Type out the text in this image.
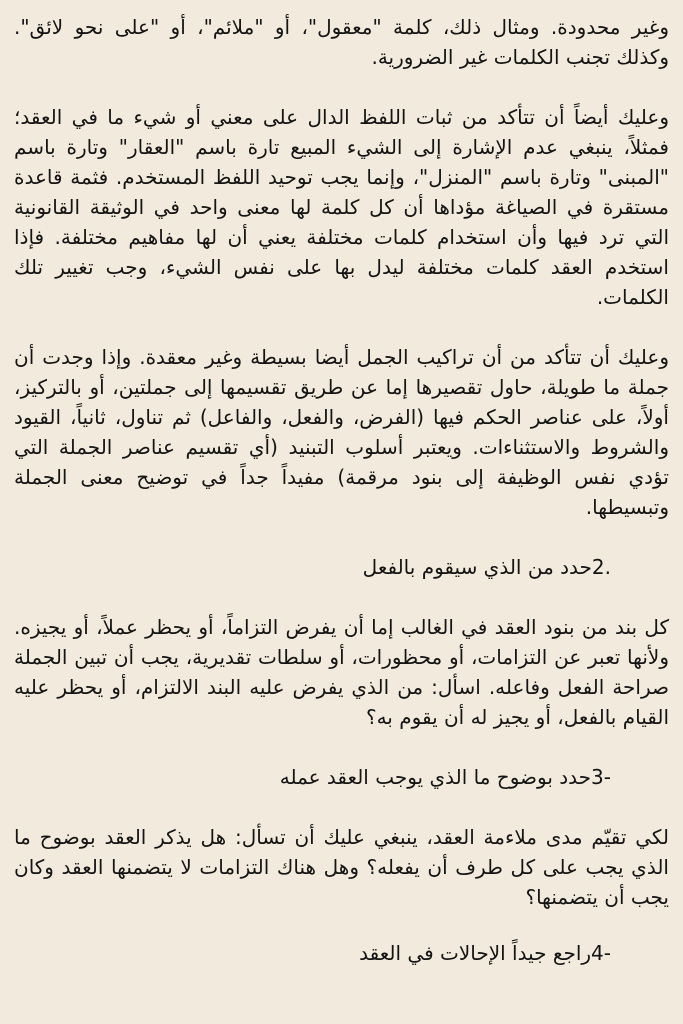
وغير محدودة. ومثال ذلك، كلمة "معقول"، أو "ملائم"، أو "على نحو لائق". وكذلك تجنب الكلمات غير الضرورية.

وعليك أيضاً أن تتأكد من ثبات اللفظ الدال على معني أو شيء ما في العقد؛ فمثلاً، ينبغي عدم الإشارة إلى الشيء المبيع تارة باسم "العقار" وتارة باسم "المبنى" وتارة باسم "المنزل"، وإنما يجب توحيد اللفظ المستخدم. فثمة قاعدة مستقرة في الصياغة مؤداها أن كل كلمة لها معنى واحد في الوثيقة القانونية التي ترد فيها وأن استخدام كلمات مختلفة يعني أن لها مفاهيم مختلفة. فإذا استخدم العقد كلمات مختلفة ليدل بها على نفس الشيء، وجب تغيير تلك الكلمات.

وعليك أن تتأكد من أن تراكيب الجمل أيضا بسيطة وغير معقدة. وإذا وجدت أن جملة ما طويلة، حاول تقصيرها إما عن طريق تقسيمها إلى جملتين، أو بالتركيز، أولاً، على عناصر الحكم فيها (الفرض، والفعل، والفاعل) ثم تناول، ثانياً، القيود والشروط والاستثناءات. ويعتبر أسلوب التبنيد (أي تقسيم عناصر الجملة التي تؤدي نفس الوظيفة إلى بنود مرقمة) مفيداً جداً في توضيح معنى الجملة وتبسيطها.

.2حدد من الذي سيقوم بالفعل

كل بند من بنود العقد في الغالب إما أن يفرض التزاماً، أو يحظر عملاً، أو يجيزه. ولأنها تعبر عن التزامات، أو محظورات، أو سلطات تقديرية، يجب أن تبين الجملة صراحة الفعل وفاعله. اسأل: من الذي يفرض عليه البند الالتزام، أو يحظر عليه القيام بالفعل، أو يجيز له أن يقوم به؟

-3حدد بوضوح ما الذي يوجب العقد عمله

لكي تقيّم مدى ملاءمة العقد، ينبغي عليك أن تسأل: هل يذكر العقد بوضوح ما الذي يجب على كل طرف أن يفعله؟ وهل هناك التزامات لا يتضمنها العقد وكان يجب أن يتضمنها؟

-4راجع جيداً الإحالات في العقد
